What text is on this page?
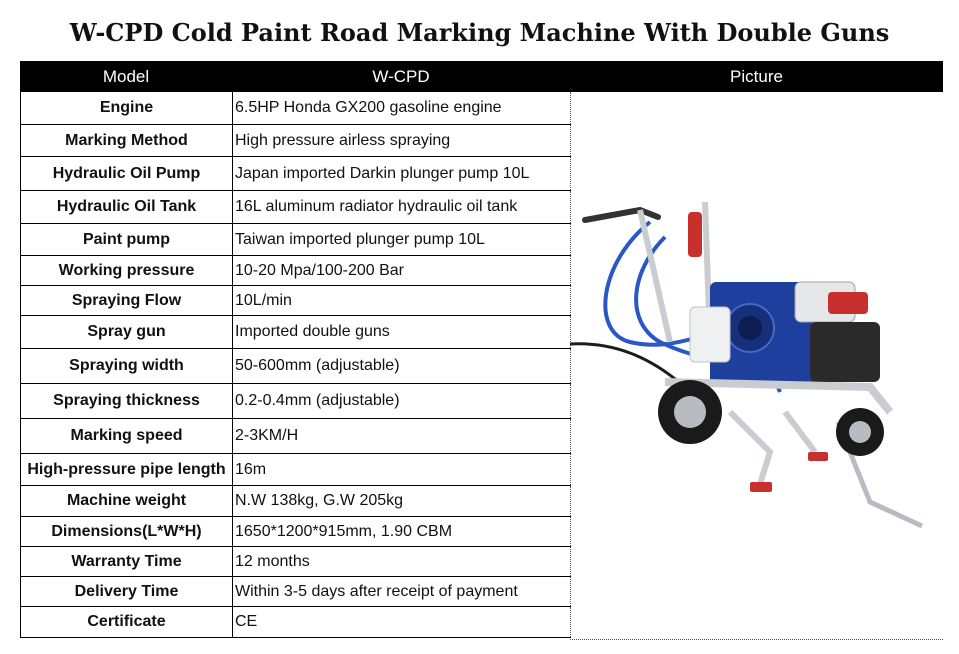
W-CPD Cold Paint Road Marking Machine With Double Guns
Model	W-CPD	Picture
Engine	6.5HP Honda GX200 gasoline engine
Marking Method	High pressure airless spraying
Hydraulic Oil Pump	Japan imported Darkin plunger pump 10L
Hydraulic Oil Tank	16L aluminum radiator hydraulic oil tank
Paint pump	Taiwan imported plunger pump 10L
Working pressure	10-20 Mpa/100-200 Bar
Spraying Flow	10L/min
Spray gun	Imported double guns
Spraying width	50-600mm (adjustable)
Spraying thickness	0.2-0.4mm (adjustable)
Marking speed	2-3KM/H
High-pressure pipe length 16m
Machine weight	N.W 138kg, G.W 205kg
Dimensions(L*W*H)	1650*1200*915mm, 1.90 CBM
Warranty Time	12 months
Delivery Time	Within 3-5 days after receipt of payment
Certificate	CE
